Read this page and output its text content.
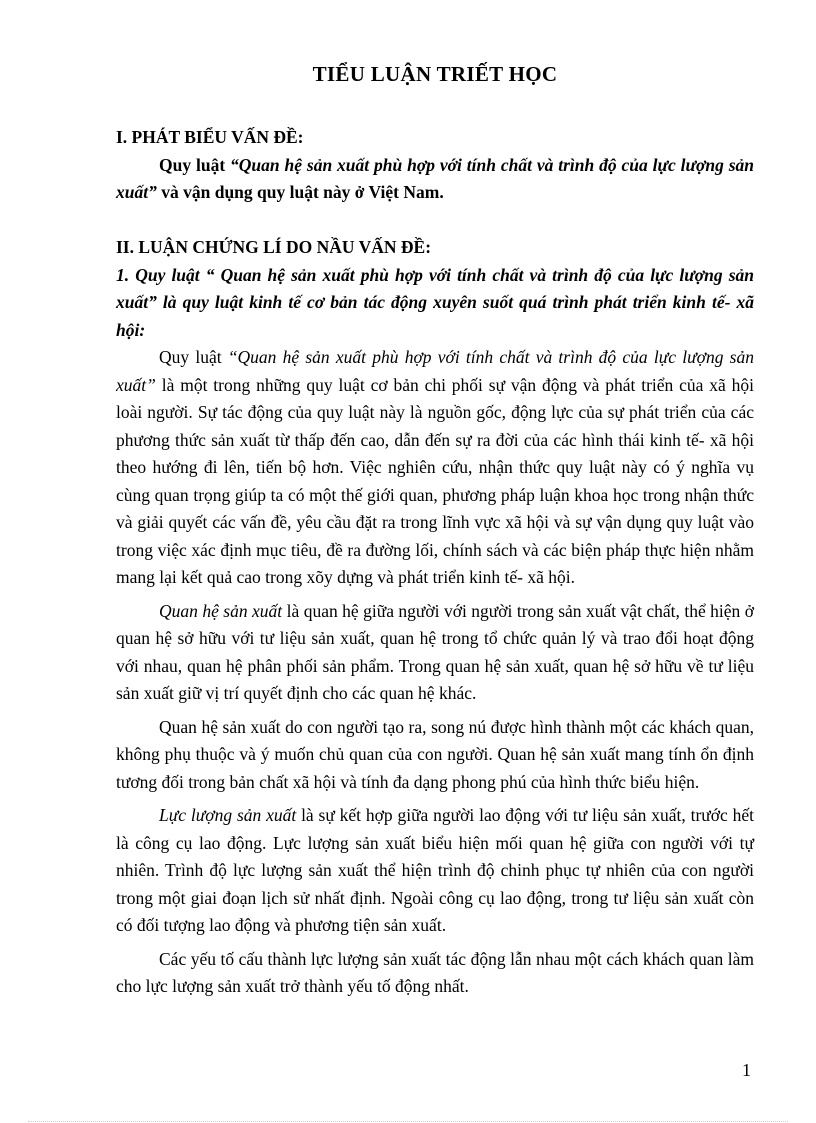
TIỂU LUẬN TRIẾT HỌC
I. PHÁT BIỂU VẤN ĐỀ:
Quy luật “Quan hệ sản xuất phù hợp với tính chất và trình độ của lực lượng sản xuất” và vận dụng quy luật này ở Việt Nam.
II. LUẬN CHỨNG LÍ DO NẦU VẤN ĐỀ:
1. Quy luật “ Quan hệ sản xuất phù hợp với tính chất và trình độ của lực lượng sản xuất” là quy luật kinh tế cơ bản tác động xuyên suốt quá trình phát triển kinh tế- xã hội:

Quy luật “Quan hệ sản xuất phù hợp với tính chất và trình độ của lực lượng sản xuất” là một trong những quy luật cơ bản chi phối sự vận động và phát triển của xã hội loài người. Sự tác động của quy luật này là nguồn gốc, động lực của sự phát triển của các phương thức sản xuất từ thấp đến cao, dẫn đến sự ra đời của các hình thái kinh tế- xã hội theo hướng đi lên, tiến bộ hơn. Việc nghiên cứu, nhận thức quy luật này có ý nghĩa vụ cùng quan trọng giúp ta có một thế giới quan, phương pháp luận khoa học trong nhận thức và giải quyết các vấn đề, yêu cầu đặt ra trong lĩnh vực xã hội và sự vận dụng quy luật vào trong việc xác định mục tiêu, đề ra đường lối, chính sách và các biện pháp thực hiện nhằm mang lại kết quả cao trong xõy dựng và phát triển kinh tế- xã hội.

Quan hệ sản xuất là quan hệ giữa người với người trong sản xuất vật chất, thể hiện ở quan hệ sở hữu với tư liệu sản xuất, quan hệ trong tổ chức quản lý và trao đổi hoạt động với nhau, quan hệ phân phối sản phẩm. Trong quan hệ sản xuất, quan hệ sở hữu về tư liệu sản xuất giữ vị trí quyết định cho các quan hệ khác.

Quan hệ sản xuất do con người tạo ra, song nú được hình thành một các khách quan, không phụ thuộc và ý muốn chủ quan của con người. Quan hệ sản xuất mang tính ổn định tương đối trong bản chất xã hội và tính đa dạng phong phú của hình thức biểu hiện.

Lực lượng sản xuất là sự kết hợp giữa người lao động với tư liệu sản xuất, trước hết là công cụ lao động. Lực lượng sản xuất biểu hiện mối quan hệ giữa con người với tự nhiên. Trình độ lực lượng sản xuất thể hiện trình độ chinh phục tự nhiên của con người trong một giai đoạn lịch sử nhất định. Ngoài công cụ lao động, trong tư liệu sản xuất còn có đối tượng lao động và phương tiện sản xuất.

Các yếu tố cấu thành lực lượng sản xuất tác động lẫn nhau một cách khách quan làm cho lực lượng sản xuất trở thành yếu tố động nhất.

1
